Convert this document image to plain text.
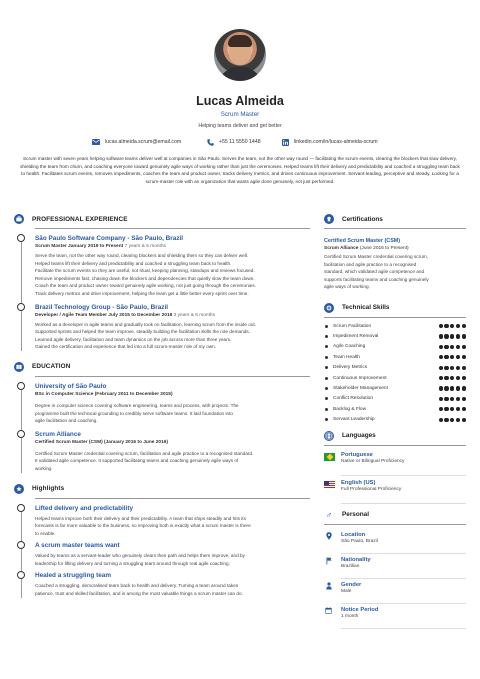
Lucas Almeida
Scrum Master
Helping teams deliver and get better
lucas.almeida.scrum@email.com	+55 11 5550 1448	linkedin.com/in/lucas-almeida-scrum
Scrum master with seven years helping software teams deliver well at companies in São Paulo. Serves the team, not the other way round — facilitating the scrum events, clearing the blockers that slow delivery, shielding the team from churn, and coaching everyone toward genuinely agile ways of working rather than just the ceremonies. Helped teams lift their delivery and predictability and coached a struggling team back to health. Facilitates scrum events, removes impediments, coaches the team and product owner, tracks delivery metrics, and drives continuous improvement. Servant-leading, perceptive and steady. Looking for a scrum-master role with an organization that wants agile done genuinely, not just performed.
PROFESSIONAL EXPERIENCE
São Paulo Software Company - São Paulo, Brazil
Scrum Master January 2019 to Present 7 years & 5 months
Serve the team, not the other way round, clearing blockers and shielding them so they can deliver well.
Helped teams lift their delivery and predictability and coached a struggling team back to health.
Facilitate the scrum events so they are useful, not ritual, keeping planning, standups and reviews focused.
Remove impediments fast, chasing down the blockers and dependencies that quietly slow the team down.
Coach the team and product owner toward genuinely agile working, not just going through the ceremonies.
Track delivery metrics and drive improvement, helping the team get a little better every sprint over time.
Brazil Technology Group - São Paulo, Brazil
Developer / Agile Team Member July 2015 to December 2018 3 years & 6 months
Worked as a developer in agile teams and gradually took on facilitation, learning scrum from the inside out.
Supported sprints and helped the team improve, steadily building the facilitation skills the role demands.
Learned agile delivery, facilitation and team dynamics on the job across more than three years.
Gained the certification and experience that led into a full scrum-master role of my own.
EDUCATION
University of São Paulo
BSc in Computer Science (February 2011 to December 2015)
Degree in computer science covering software engineering, teams and process, with projects. The
programme built the technical grounding to credibly serve software teams. It laid foundation into
agile facilitation and coaching.
Scrum Alliance
Certified Scrum Master (CSM) (January 2016 to June 2016)
Certified Scrum Master credential covering scrum, facilitation and agile practice to a recognised standard.
It validated agile competence. It supported facilitating teams and coaching genuinely agile ways of
working.
Highlights
Lifted delivery and predictability
Helped teams improve both their delivery and their predictability. A team that ships steadily and hits its
forecasts is far more valuable to the business, so improving both is exactly what a scrum master is there
to enable.
A scrum master teams want
Valued by teams as a servant-leader who genuinely clears their path and helps them improve, and by
leadership for lifting delivery and turning a struggling team around through real agile coaching.
Healed a struggling team
Coached a struggling, demoralised team back to health and delivery. Turning a team around takes
patience, trust and skilled facilitation, and is among the most valuable things a scrum master can do.
Certifications
Certified Scrum Master (CSM)
Scrum Alliance (June 2016 to Present)
Certified Scrum Master credential covering scrum,
facilitation and agile practice to a recognised
standard, which validated agile competence and
supports facilitating teams and coaching genuinely
agile ways of working.
Technical Skills
Scrum Facilitation
Impediment Removal
Agile Coaching
Team Health
Delivery Metrics
Continuous Improvement
Stakeholder Management
Conflict Resolution
Backlog & Flow
Servant Leadership
Languages
Portuguese
Native or Bilingual Proficiency
English (US)
Full Professional Proficiency
♂ Personal
Location
São Paulo, Brazil
Nationality
Brazilian
Gender
Male
Notice Period
1 month
